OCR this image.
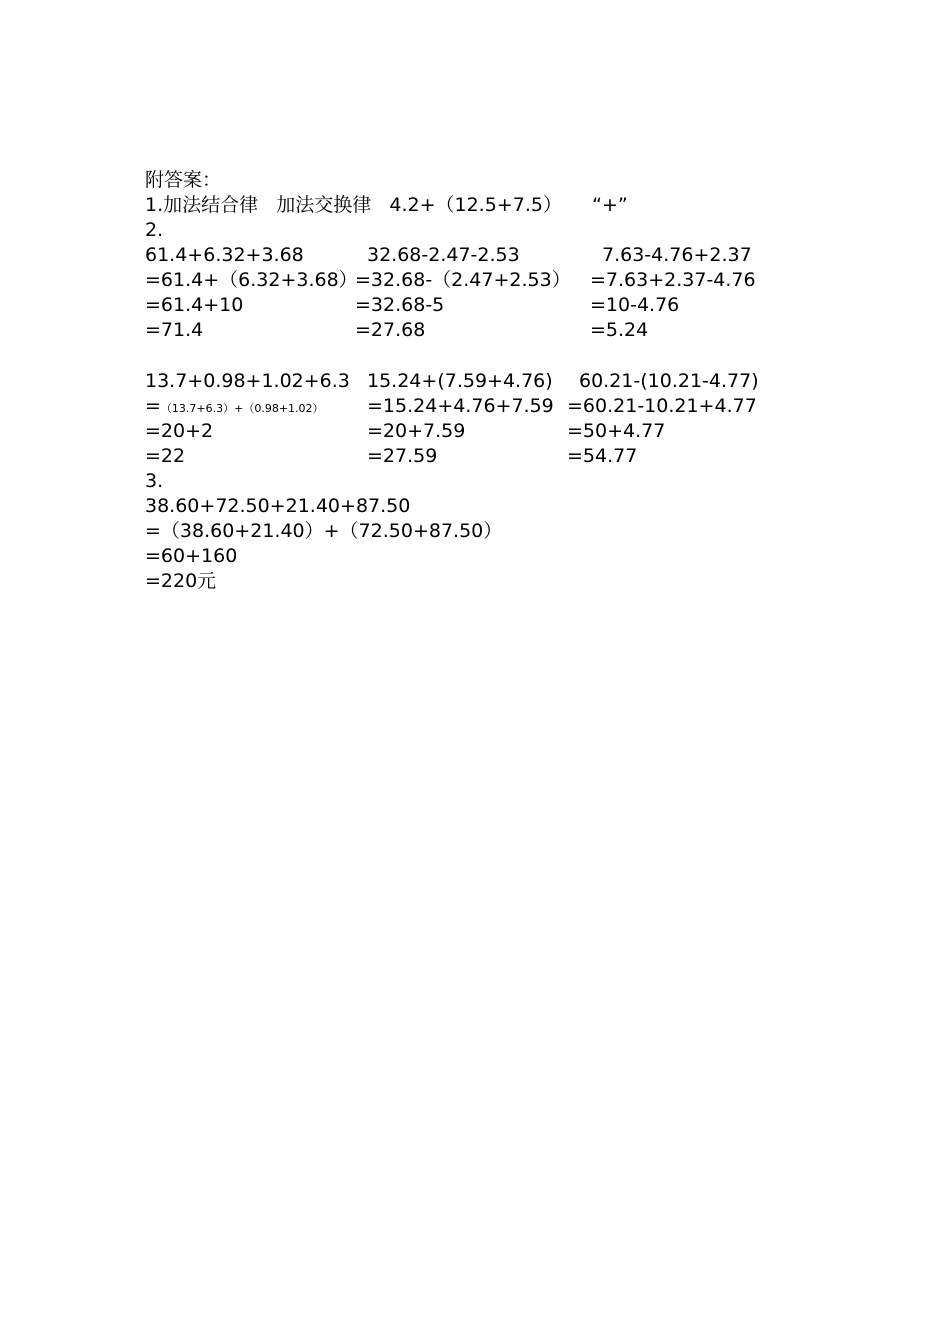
附答案：
1.加法结合律   加法交换律   4.2+（12.5+7.5）     “+”
2.
61.4+6.32+3.68
=61.4+（6.32+3.68）
=61.4+10
=71.4
32.68-2.47-2.53
=32.68-（2.47+2.53）
=32.68-5
=27.68
7.63-4.76+2.37
=7.63+2.37-4.76
=10-4.76
=5.24
13.7+0.98+1.02+6.3
=（13.7+6.3）+（0.98+1.02）
=20+2
=22
15.24+(7.59+4.76)
=15.24+4.76+7.59
=20+7.59
=27.59
60.21-(10.21-4.77)
=60.21-10.21+4.77
=50+4.77
=54.77
3.
38.60+72.50+21.40+87.50
=（38.60+21.40）+（72.50+87.50）
=60+160
=220元
